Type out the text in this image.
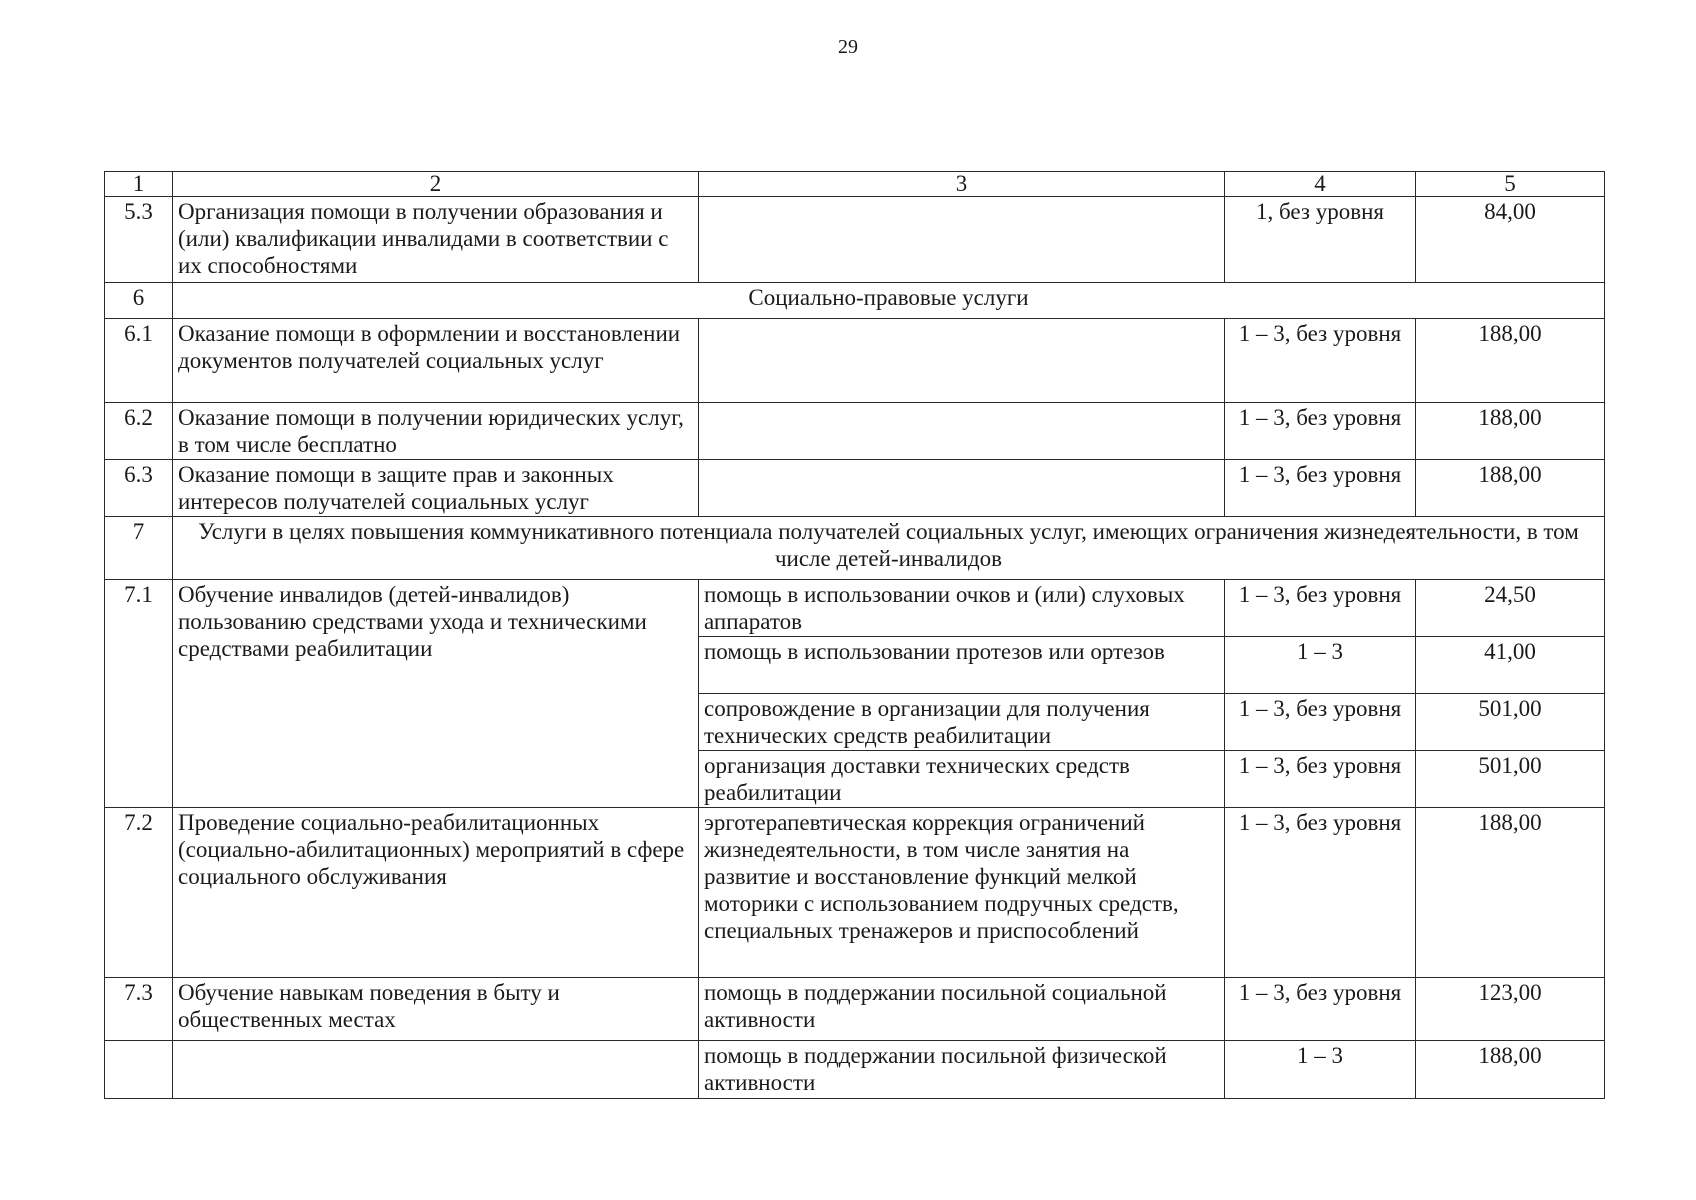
29
1	2	3	4	5
5.3	Организация помощи в получении образования и (или) квалификации инвалидами в соответствии с их способностями		1, без уровня	84,00
6	Социально-правовые услуги			
6.1	Оказание помощи в оформлении и восстановлении документов получателей социальных услуг		1 – 3, без уровня	188,00
6.2	Оказание помощи в получении юридических услуг, в том числе бесплатно		1 – 3, без уровня	188,00
6.3	Оказание помощи в защите прав и законных интересов получателей социальных услуг		1 – 3, без уровня	188,00
7	Услуги в целях повышения коммуникативного потенциала получателей социальных услуг, имеющих ограничения жизнедеятельности, в том числе детей-инвалидов			
7.1	Обучение инвалидов (детей-инвалидов) пользованию средствами ухода и техническими средствами реабилитации	помощь в использовании очков и (или) слуховых аппаратов	1 – 3, без уровня	24,50
		помощь в использовании протезов или ортезов	1 – 3	41,00
		сопровождение в организации для получения технических средств реабилитации	1 – 3, без уровня	501,00
		организация доставки технических средств реабилитации	1 – 3, без уровня	501,00
7.2	Проведение социально-реабилитационных (социально-абилитационных) мероприятий в сфере социального обслуживания	эрготерапевтическая коррекция ограничений жизнедеятельности, в том числе занятия на развитие и восстановление функций мелкой моторики с использованием подручных средств, специальных тренажеров и приспособлений	1 – 3, без уровня	188,00
7.3	Обучение навыкам поведения в быту и общественных местах	помощь в поддержании посильной социальной активности	1 – 3, без уровня	123,00
		помощь в поддержании посильной физической активности	1 – 3	188,00
